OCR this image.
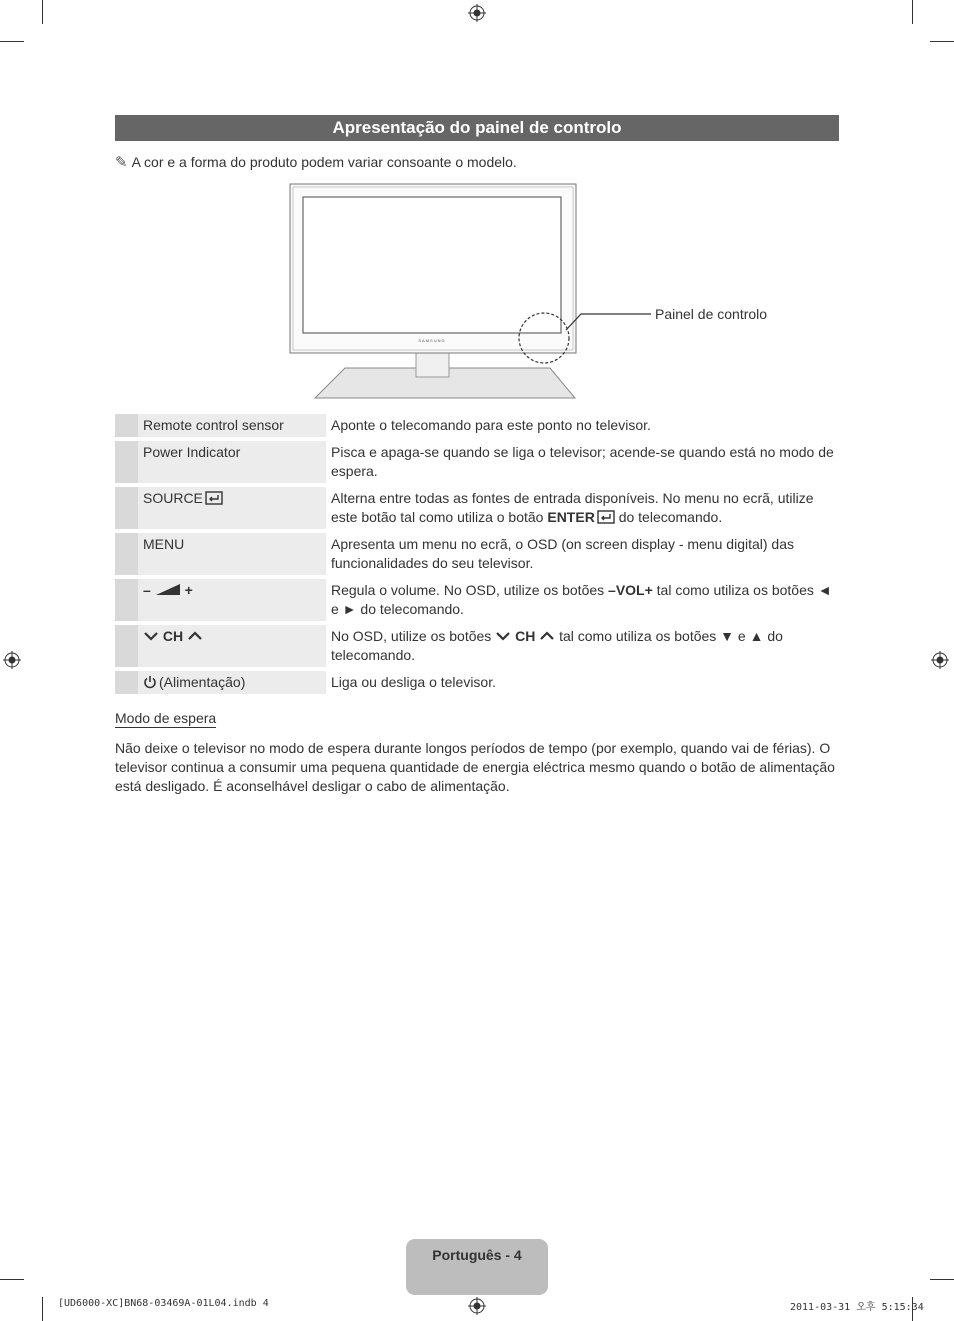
Apresentação do painel de controlo
✎ A cor e a forma do produto podem variar consoante o modelo.
SAMSUNG
Painel de controlo
	Remote control sensor	Aponte o telecomando para este ponto no televisor.
	Power Indicator	Pisca e apaga-se quando se liga o televisor; acende-se quando está no modo de espera.
	SOURCE	Alterna entre todas as fontes de entrada disponíveis. No menu no ecrã, utilize este botão tal como utiliza o botão ENTER do telecomando.
	MENU	Apresenta um menu no ecrã, o OSD (on screen display - menu digital) das funcionalidades do seu televisor.
	– +	Regula o volume. No OSD, utilize os botões –VOL+ tal como utiliza os botões ◄ e ► do telecomando.
	CH	No OSD, utilize os botões  CH  tal como utiliza os botões ▼ e ▲ do telecomando.
	(Alimentação)	Liga ou desliga o televisor.
Modo de espera
Não deixe o televisor no modo de espera durante longos períodos de tempo (por exemplo, quando vai de férias). O televisor continua a consumir uma pequena quantidade de energia eléctrica mesmo quando o botão de alimentação está desligado. É aconselhável desligar o cabo de alimentação.
Português - 4
[UD6000-XC]BN68-03469A-01L04.indb 4	2011-03-31 오후 5:15:34
